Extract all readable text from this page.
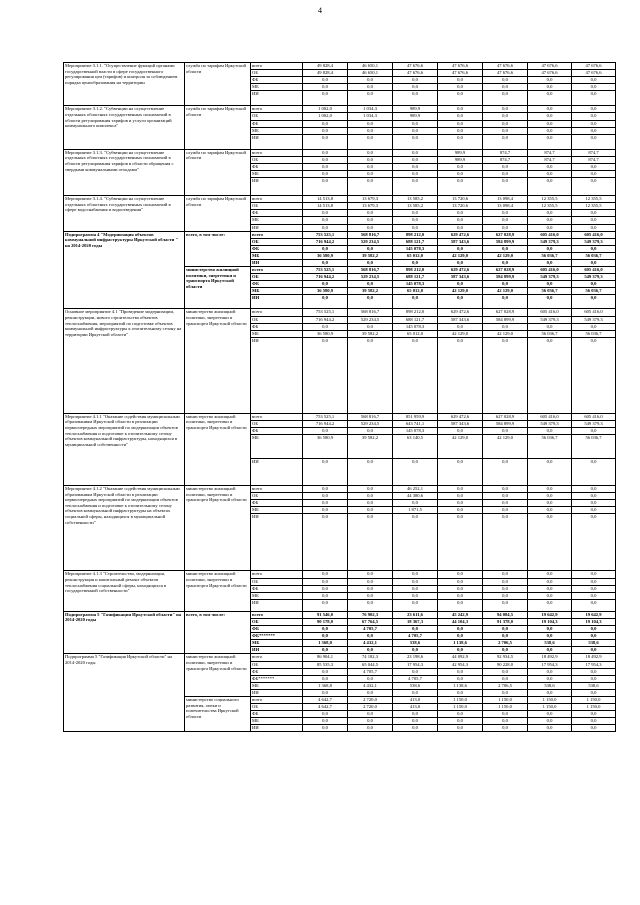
4
Мероприятие 3.1.1. "Осуществление функций органами государственной власти в сфере государственного регулирования цен (тарифов) и контроля за соблюдением порядка ценообразования на территории	служба по тарифам Иркутской области	всего	49 828,4	46 650,1	47 676,6	47 676,6	47 676,6	47 676,6	47 676,6
		ОБ	49 828,4	46 650,1	47 676,6	47 676,6	47 676,6	47 676,6	47 676,6
		ФБ	0,0	0,0	0,0	0,0	0,0	0,0	0,0
		МБ	0,0	0,0	0,0	0,0	0,0	0,0	0,0
		ИИ	0,0	0,0	0,0	0,0	0,0	0,0	0,0
Мероприятие 3.1.2. "Субвенции на осуществление отдельных областных государственных полномочий в области регулирования тарифов и услуги организаций коммунального комплекса"	служба по тарифам Иркутской области	всего	1 002,0	1 034,3	989,9	0,0	0,0	0,0	0,0
		ОБ	1 002,0	1 034,3	989,9	0,0	0,0	0,0	0,0
		ФБ	0,0	0,0	0,0	0,0	0,0	0,0	0,0
		МБ	0,0	0,0	0,0	0,0	0,0	0,0	0,0
		ИИ	0,0	0,0	0,0	0,0	0,0	0,0	0,0
Мероприятие 3.1.3. "Субвенции на осуществление отдельных областных государственных полномочий в области регулирования тарифов в области обращения с твердыми коммунальными отходами"	служба по тарифам Иркутской области	всего	0,0	0,0	0,0	989,9	874,7	874,7	874,7
		ОБ	0,0	0,0	0,0	989,9	874,7	874,7	874,7
		ФБ	0,0	0,0	0,0	0,0	0,0	0,0	0,0
		МБ	0,0	0,0	0,0	0,0	0,0	0,0	0,0
		ИИ	0,0	0,0	0,0	0,0	0,0	0,0	0,0
Мероприятие 3.1.4. "Субвенции на осуществление отдельных областных государственных полномочий в сфере водоснабжения и водоотведения"	служба по тарифам Иркутской области	всего	14 513,8	13 679,3	13 585,2	13 720,6	13 098,4	12 355,5	12 355,5
		ОБ	14 513,8	13 679,3	13 585,2	13 720,6	13 098,4	12 355,5	12 355,5
		ФБ	0,0	0,0	0,0	0,0	0,0	0,0	0,0
		МБ	0,0	0,0	0,0	0,0	0,0	0,0	0,0
		ИИ	0,0	0,0	0,0	0,0	0,0	0,0	0,0
Подпрограмма 4 "Модернизация объектов коммунальной инфраструктуры Иркутской области " на 2014-2020 годы	всего, в том числе:	всего	753 525,1	568 816,7	898 212,0	629 472,6	627 028,9	605 416,0	605 416,0
		ОБ	716 944,2	529 234,5	688 121,7	587 343,6	584 899,9	549 379,3	549 379,3
		ФБ	0,0	0,0	145 078,3	0,0	0,0	0,0	0,0
		МБ	36 580,9	39 582,2	65 012,0	42 129,0	42 129,0	56 036,7	56 036,7
		ИИ	0,0	0,0	0,0	0,0	0,0	0,0	0,0
	министерство жилищной политики, энергетики и транспорта Иркутской области	всего	753 525,1	568 816,7	898 212,0	629 472,6	627 028,9	605 416,0	605 416,0
		ОБ	716 944,2	529 234,5	688 121,7	587 343,6	584 899,9	549 379,3	549 379,3
		ФБ	0,0	0,0	145 078,3	0,0	0,0	0,0	0,0
		МБ	36 580,9	39 582,2	65 012,0	42 129,0	42 129,0	56 036,7	56 036,7
		ИИ	0,0	0,0	0,0	0,0	0,0	0,0	0,0
Основное мероприятие 4.1 "Проведение модернизации, реконструкции, нового строительства объектов теплоснабжения, мероприятий по подготовке объектов коммунальной инфраструктуры к отопительному сезону на территории Иркутской области"	министерство жилищной политики, энергетики и транспорта Иркутской области	всего	753 525,1	568 816,7	898 212,0	629 472,6	627 028,9	605 416,0	605 416,0
		ОБ	716 944,2	529 234,5	688 121,7	587 343,6	584 899,9	549 379,3	549 379,3
		ФБ	0,0	0,0	145 078,3	0,0	0,0	0,0	0,0
		МБ	36 580,9	39 582,2	65 012,0	42 129,0	42 129,0	56 036,7	56 036,7
		ИИ	0,0	0,0	0,0	0,0	0,0	0,0	0,0
Мероприятие 4.1.1 "Оказание содействия муниципальным образованиям Иркутской области в реализации первоочередных мероприятий по модернизации объектов теплоснабжения и подготовке к отопительному сезону объектов коммунальной инфраструктуры, находящихся в муниципальной собственности"	министерство жилищной политики, энергетики и транспорта Иркутской области	всего	753 525,1	568 816,7	851 959,9	629 472,6	627 028,9	605 416,0	605 416,0
		ОБ	716 944,2	529 234,5	643 741,1	587 343,6	584 899,9	549 379,3	549 379,3
		ФБ	0,0	0,0	145 078,3	0,0	0,0	0,0	0,0
		МБ	36 580,9	39 582,2	63 140,5	42 129,0	42 129,0	56 036,7	56 036,7
		ИИ	0,0	0,0	0,0	0,0	0,0	0,0	0,0
Мероприятие 4.1.2 "Оказание содействия муниципальным образованиям Иркутской области в реализации первоочередных мероприятий по модернизации объектов теплоснабжения и подготовке к отопительному сезону объектов коммунальной инфраструктуры на объектах социальной сферы, находящихся в муниципальной собственности"	министерство жилищной политики, энергетики и транспорта Иркутской области	всего	0,0	0,0	46 252,1	0,0	0,0	0,0	0,0
		ОБ	0,0	0,0	44 380,6	0,0	0,0	0,0	0,0
		ФБ	0,0	0,0	0,0	0,0	0,0	0,0	0,0
		МБ	0,0	0,0	1 871,5	0,0	0,0	0,0	0,0
		ИИ	0,0	0,0	0,0	0,0	0,0	0,0	0,0
Мероприятие 4.1.3 "Строительство, модернизация, реконструкция и капитальный ремонт объектов теплоснабжения социальной сферы, находящихся в государственной собственности"	министерство жилищной политики, энергетики и транспорта Иркутской области	всего	0,0	0,0	0,0	0,0	0,0	0,0	0,0
		ОБ	0,0	0,0	0,0	0,0	0,0	0,0	0,0
		ФБ	0,0	0,0	0,0	0,0	0,0	0,0	0,0
		МБ	0,0	0,0	0,0	0,0	0,0	0,0	0,0
		ИИ	0,0	0,0	0,0	0,0	0,0	0,0	0,0
Подпрограмма 5 "Газификация Иркутской области" на 2014-2020 годы	всего, в том числе:	всего	91 546,0	76 902,3	23 611,6	45 242,9	94 084,5	19 642,9	19 642,9
		ОБ	90 178,0	67 764,5	18 367,3	44 104,3	91 378,0	19 104,3	19 104,3
		ФБ	0,0	4 705,7	0,0	0,0	0,0	0,0	0,0
		ФБ*******	0,0	0,0	4 705,7	0,0	0,0	0,0	0,0
		МБ	1 368,0	4 432,1	538,6	1 138,6	2 706,5	538,6	538,6
		ИИ	0,0	0,0	0,0	0,0	0,0	0,0	0,0
Подпрограмма 5 "Газификация Иркутской области" на 2014-2020 годы	министерство жилищной политики, энергетики и транспорта Иркутской области	всего	86 904,1	74 182,3	23 198,6	44 092,9	92 934,5	18 492,9	18 492,9
		ОБ	85 535,3	65 044,5	17 954,3	42 954,3	90 228,0	17 954,3	17 954,3
		ФБ	0,0	4 705,7	0,0	0,0	0,0	0,0	0,0
		ФБ*******	0,0	0,0	4 705,7	0,0	0,0	0,0	0,0
		МБ	1 368,8	4 432,1	538,6	1 138,6	2 706,5	538,6	538,6
		ИИ	0,0	0,0	0,0	0,0	0,0	0,0	0,0
	министерство социального развития, опеки и попечительства Иркутской области	всего	4 642,7	2 720,0	413,0	1 150,0	1 150,0	1 150,0	1 150,0
		ОБ	4 642,7	2 720,0	413,0	1 150,0	1 150,0	1 150,0	1 150,0
		ФБ	0,0	0,0	0,0	0,0	0,0	0,0	0,0
		МБ	0,0	0,0	0,0	0,0	0,0	0,0	0,0
		ИИ	0,0	0,0	0,0	0,0	0,0	0,0	0,0
